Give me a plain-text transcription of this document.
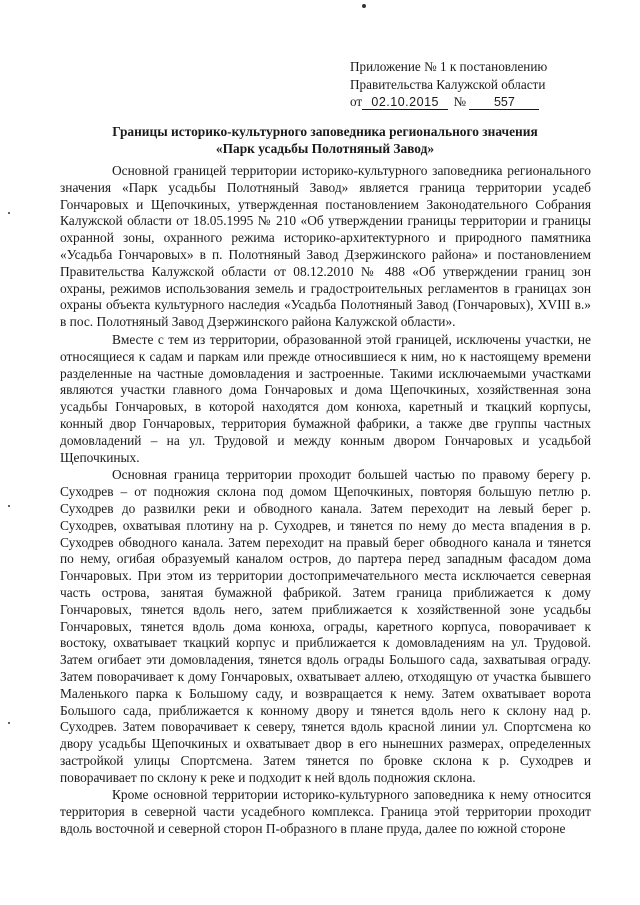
Приложение № 1 к постановлению
Правительства Калужской области
от 02.10.2015 № 557
Границы историко-культурного заповедника регионального значения
«Парк усадьбы Полотняный Завод»

Основной границей территории историко-культурного заповедника регионального значения «Парк усадьбы Полотняный Завод» является граница территории усадеб Гончаровых и Щепочкиных, утвержденная постановлением Законодательного Собрания Калужской области от 18.05.1995 № 210 «Об утверждении границы территории и границы охранной зоны, охранного режима историко-архитектурного и природного памятника «Усадьба Гончаровых» в п. Полотняный Завод Дзержинского района» и постановлением Правительства Калужской области от 08.12.2010 № 488 «Об утверждении границ зон охраны, режимов использования земель и градостроительных регламентов в границах зон охраны объекта культурного наследия «Усадьба Полотняный Завод (Гончаровых), XVIII в.» в пос. Полотняный Завод Дзержинского района Калужской области».

Вместе с тем из территории, образованной этой границей, исключены участки, не относящиеся к садам и паркам или прежде относившиеся к ним, но к настоящему времени разделенные на частные домовладения и застроенные. Такими исключаемыми участками являются участки главного дома Гончаровых и дома Щепочкиных, хозяйственная зона усадьбы Гончаровых, в которой находятся дом конюха, каретный и ткацкий корпусы, конный двор Гончаровых, территория бумажной фабрики, а также две группы частных домовладений – на ул. Трудовой и между конным двором Гончаровых и усадьбой Щепочкиных.

Основная граница территории проходит большей частью по правому берегу р. Суходрев – от подножия склона под домом Щепочкиных, повторяя большую петлю р. Суходрев до развилки реки и обводного канала. Затем переходит на левый берег р. Суходрев, охватывая плотину на р. Суходрев, и тянется по нему до места впадения в р. Суходрев обводного канала. Затем переходит на правый берег обводного канала и тянется по нему, огибая образуемый каналом остров, до партера перед западным фасадом дома Гончаровых. При этом из территории достопримечательного места исключается северная часть острова, занятая бумажной фабрикой. Затем граница приближается к дому Гончаровых, тянется вдоль него, затем приближается к хозяйственной зоне усадьбы Гончаровых, тянется вдоль дома конюха, ограды, каретного корпуса, поворачивает к востоку, охватывает ткацкий корпус и приближается к домовладениям на ул. Трудовой. Затем огибает эти домовладения, тянется вдоль ограды Большого сада, захватывая ограду. Затем поворачивает к дому Гончаровых, охватывает аллею, отходящую от участка бывшего Маленького парка к Большому саду, и возвращается к нему. Затем охватывает ворота Большого сада, приближается к конному двору и тянется вдоль него к склону над р. Суходрев. Затем поворачивает к северу, тянется вдоль красной линии ул. Спортсмена ко двору усадьбы Щепочкиных и охватывает двор в его нынешних размерах, определенных застройкой улицы Спортсмена. Затем тянется по бровке склона к р. Суходрев и поворачивает по склону к реке и подходит к ней вдоль подножия склона.

Кроме основной территории историко-культурного заповедника к нему относится территория в северной части усадебного комплекса. Граница этой территории проходит вдоль восточной и северной сторон П-образного в плане пруда, далее по южной стороне
